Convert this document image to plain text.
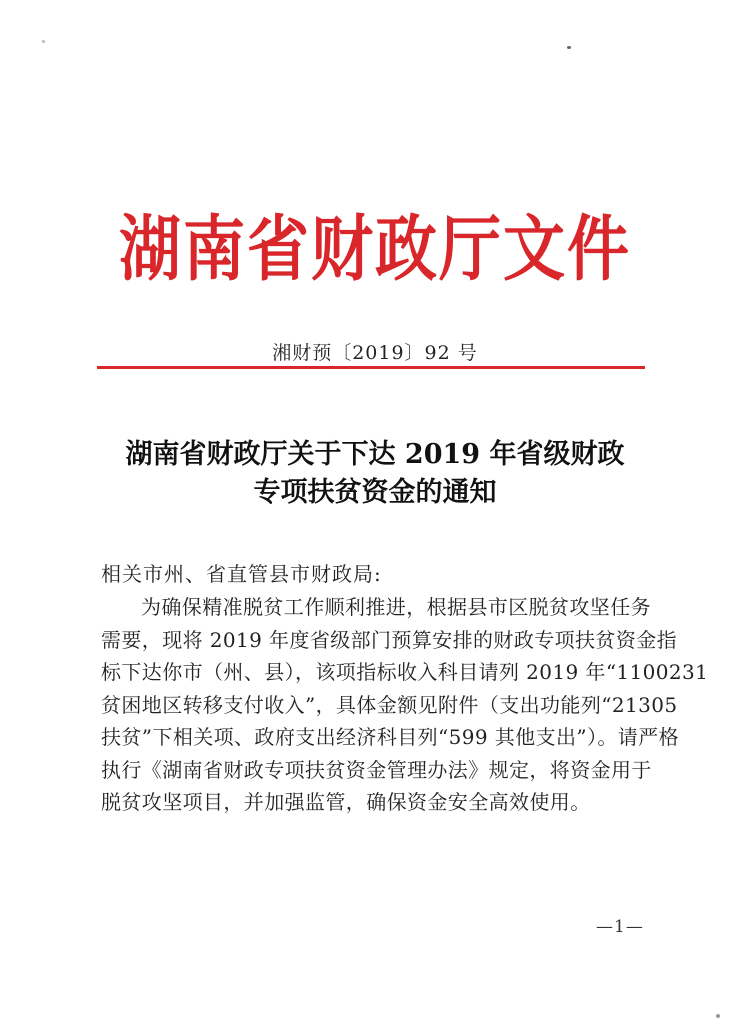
湖南省财政厅文件
湘财预〔2019〕92 号
湖南省财政厅关于下达 2019 年省级财政
专项扶贫资金的通知
相关市州、省直管县市财政局:
为确保精准脱贫工作顺利推进，根据县市区脱贫攻坚任务
需要，现将 2019 年度省级部门预算安排的财政专项扶贫资金指
标下达你市（州、县），该项指标收入科目请列 2019 年“1100231
贫困地区转移支付收入”，具体金额见附件（支出功能列“21305
扶贫”下相关项、政府支出经济科目列“599 其他支出”）。请严格
执行《湖南省财政专项扶贫资金管理办法》规定，将资金用于
脱贫攻坚项目，并加强监管，确保资金安全高效使用。
—1—
